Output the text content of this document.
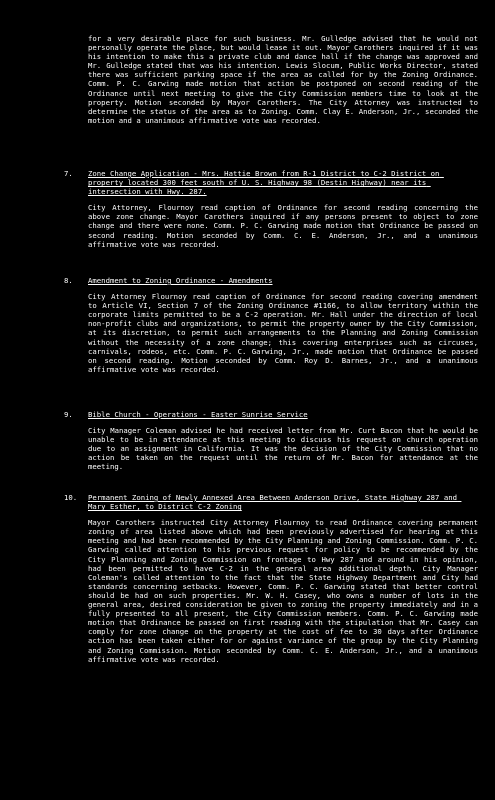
for a very desirable place for such business. Mr. Gulledge advised that he would not personally operate the place, but would lease it out. Mayor Carothers inquired if it was his intention to make this a private club and dance hall if the change was approved and Mr. Gulledge stated that was his intention. Lewis Slocum, Public Works Director, stated there was sufficient parking space if the area as called for by the Zoning Ordinance. Comm. P. C. Garwing made motion that action be postponed on second reading of the Ordinance until next meeting to give the City Commission members time to look at the property. Motion seconded by Mayor Carothers. The City Attorney was instructed to determine the status of the area as to Zoning. Comm. Clay E. Anderson, Jr., seconded the motion and a unanimous affirmative vote was recorded.

7.	Zone Change Application - Mrs. Hattie Brown from R-1 District to C-2 District on property located 300 feet south of U. S. Highway 98 (Destin Highway) near its intersection with Hwy. 287.
City Attorney, Flournoy read caption of Ordinance for second reading concerning the above zone change. Mayor Carothers inquired if any persons present to object to zone change and there were none. Comm. P. C. Garwing made motion that Ordinance be passed on second reading. Motion seconded by Comm. C. E. Anderson, Jr., and a unanimous affirmative vote was recorded.
8.	Amendment to Zoning Ordinance - Amendments
City Attorney Flournoy read caption of Ordinance for second reading covering amendment to Article VI, Section 7 of the Zoning Ordinance #1166, to allow territory within the corporate limits permitted to be a C-2 operation. Mr. Hall under the direction of local non-profit clubs and organizations, to permit the property owner by the City Commission, at its discretion, to permit such arrangements to the Planning and Zoning Commission without the necessity of a zone change; this covering enterprises such as circuses, carnivals, rodeos, etc. Comm. P. C. Garwing, Jr., made motion that Ordinance be passed on second reading. Motion seconded by Comm. Roy D. Barnes, Jr., and a unanimous affirmative vote was recorded.
9.	Bible Church - Operations - Easter Sunrise Service
City Manager Coleman advised he had received letter from Mr. Curt Bacon that he would be unable to be in attendance at this meeting to discuss his request on church operation due to an assignment in California. It was the decision of the City Commission that no action be taken on the request until the return of Mr. Bacon for attendance at the meeting.
10.	Permanent Zoning of Newly Annexed Area Between Anderson Drive, State Highway 287 and Mary Esther, to District C-2 Zoning
Mayor Carothers instructed City Attorney Flournoy to read Ordinance covering permanent zoning of area listed above which had been previously advertised for hearing at this meeting and had been recommended by the City Planning and Zoning Commission. Comm. P. C. Garwing called attention to his previous request for policy to be recommended by the City Planning and Zoning Commission on frontage to Hwy 287 and around in his opinion, had been permitted to have C-2 in the general area additional depth. City Manager Coleman's called attention to the fact that the State Highway Department and City had standards concerning setbacks. However, Comm. P. C. Garwing stated that better control should be had on such properties. Mr. W. H. Casey, who owns a number of lots in the general area, desired consideration be given to zoning the property immediately and in a fully presented to all present, the City Commission members. Comm. P. C. Garwing made motion that Ordinance be passed on first reading with the stipulation that Mr. Casey can comply for zone change on the property at the cost of fee to 30 days after Ordinance action has been taken either for or against variance of the group by the City Planning and Zoning Commission. Motion seconded by Comm. C. E. Anderson, Jr., and a unanimous affirmative vote was recorded.
